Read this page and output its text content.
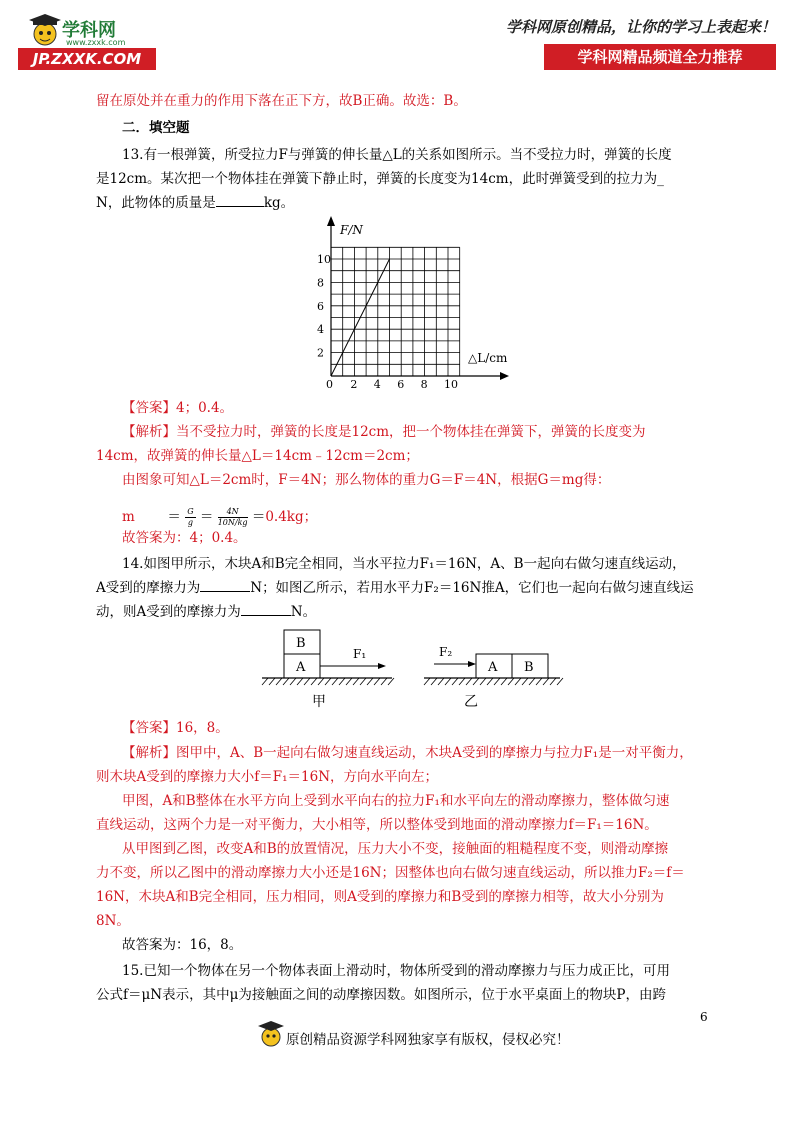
学科网
www.zxxk.com
JP.ZXXK.COM
学科网原创精品，让你的学习上表起来！
学科网精品频道全力推荐
留在原处并在重力的作用下落在正下方，故B正确。故选：B。
二．填空题
13.有一根弹簧，所受拉力F与弹簧的伸长量△L的关系如图所示。当不受拉力时，弹簧的长度
是12cm。某次把一个物体挂在弹簧下静止时，弹簧的长度变为14cm，此时弹簧受到的拉力为_
N，此物体的质量是	kg。
F/N
△L/cm
0
2
4
6
8
10
2 4 6 8 10
【答案】4；0.4。
【解析】当不受拉力时，弹簧的长度是12cm，把一个物体挂在弹簧下，弹簧的长度变为
14cm，故弹簧的伸长量△L＝14cm﹣12cm＝2cm；
由图象可知△L＝2cm时，F＝4N；那么物体的重力G＝F＝4N，根据G＝mg得：
$m = \frac{G}{g} = \frac{4N}{10N/kg} =0.4kg$；
故答案为：4；0.4。
14.如图甲所示，木块A和B完全相同，当水平拉力F₁＝16N，A、B一起向右做匀速直线运动，
A受到的摩擦力为	N；如图乙所示，若用水平力F₂＝16N推A，它们也一起向右做匀速直线运
动，则A受到的摩擦力为	N。
B
A
F₁
甲
F₂
A B
乙
【答案】16，8。
【解析】图甲中，A、B一起向右做匀速直线运动，木块A受到的摩擦力与拉力F₁是一对平衡力，
则木块A受到的摩擦力大小f＝F₁＝16N，方向水平向左；
甲图，A和B整体在水平方向上受到水平向右的拉力F₁和水平向左的滑动摩擦力，整体做匀速
直线运动，这两个力是一对平衡力，大小相等，所以整体受到地面的滑动摩擦力f＝F₁＝16N。
从甲图到乙图，改变A和B的放置情况，压力大小不变，接触面的粗糙程度不变，则滑动摩擦
力不变，所以乙图中的滑动摩擦力大小还是16N；因整体也向右做匀速直线运动，所以推力F₂＝f＝
16N，木块A和B完全相同，压力相同，则A受到的摩擦力和B受到的摩擦力相等，故大小分别为
8N。
故答案为：16，8。
15.已知一个物体在另一个物体表面上滑动时，物体所受到的滑动摩擦力与压力成正比，可用
公式f＝μN表示，其中μ为接触面之间的动摩擦因数。如图所示，位于水平桌面上的物块P，由跨
6
原创精品资源学科网独家享有版权，侵权必究！
